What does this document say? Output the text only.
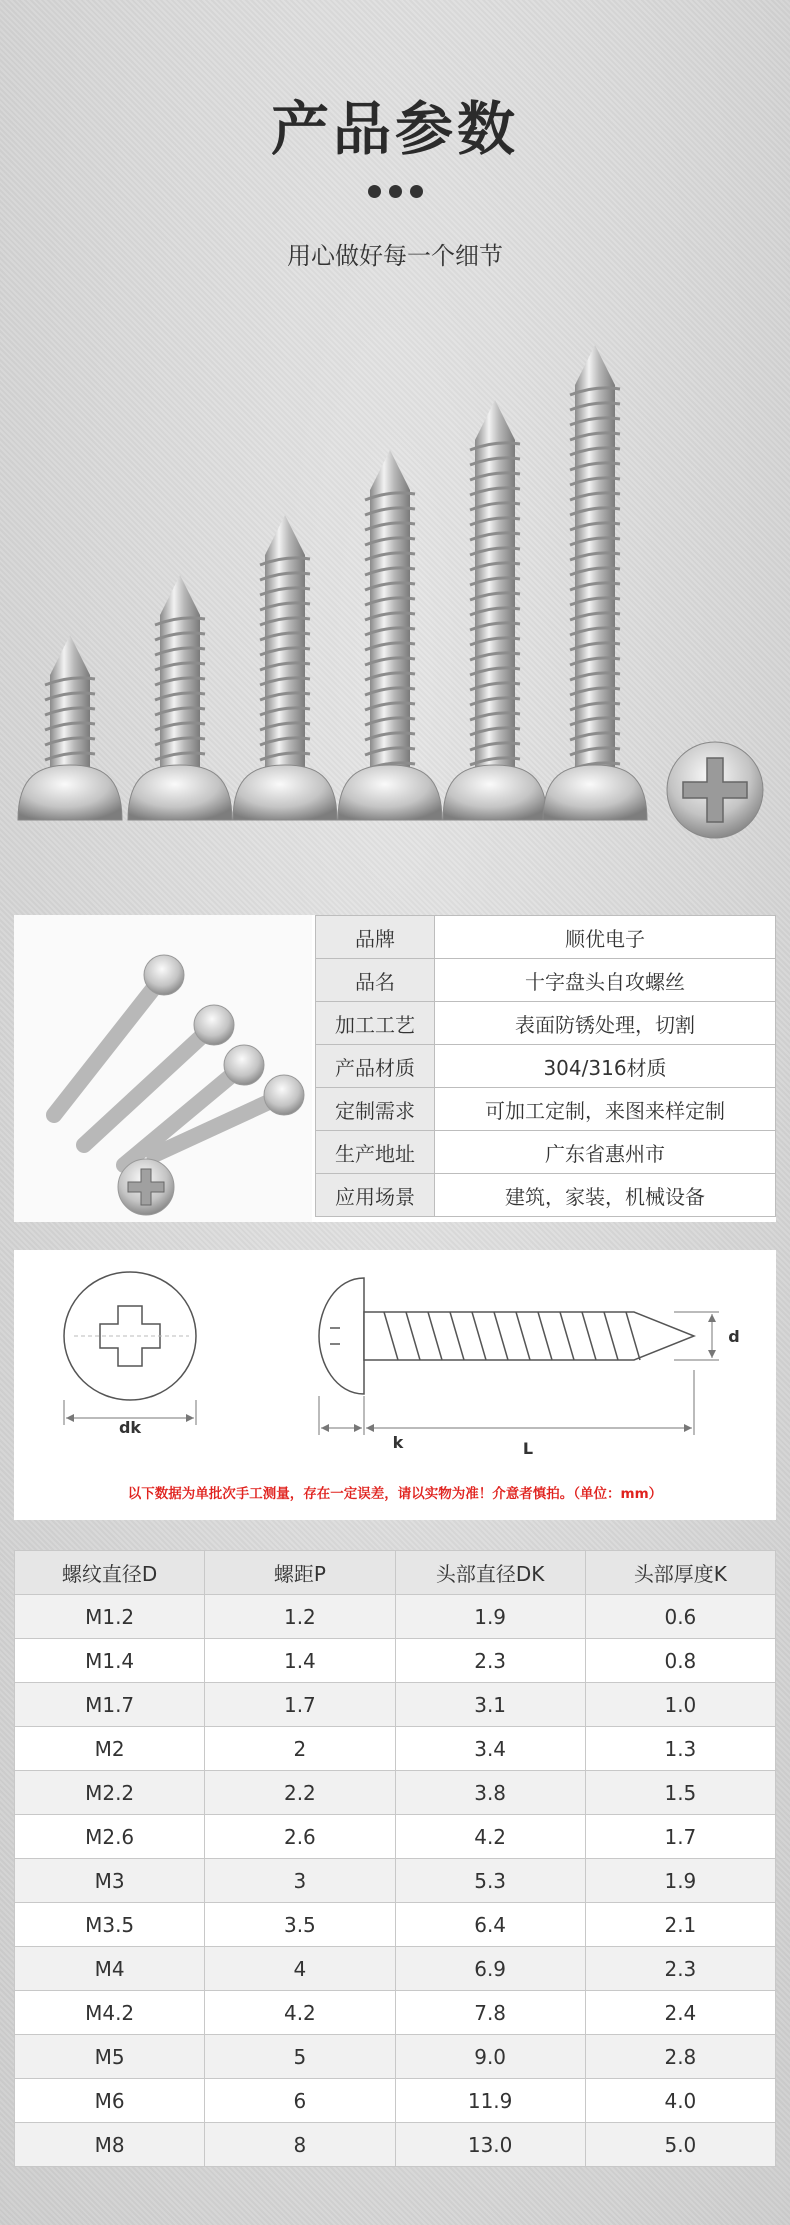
产品参数
用心做好每一个细节
品牌	顺优电子
品名	十字盘头自攻螺丝
加工工艺	表面防锈处理，切割
产品材质	304/316材质
定制需求	可加工定制，来图来样定制
生产地址	广东省惠州市
应用场景	建筑，家装，机械设备
dk
d
k	L
以下数据为单批次手工测量，存在一定误差，请以实物为准！介意者慎拍。（单位：mm）
螺纹直径D	螺距P	头部直径DK	头部厚度K
M1.2	1.2	1.9	0.6
M1.4	1.4	2.3	0.8
M1.7	1.7	3.1	1.0
M2	2	3.4	1.3
M2.2	2.2	3.8	1.5
M2.6	2.6	4.2	1.7
M3	3	5.3	1.9
M3.5	3.5	6.4	2.1
M4	4	6.9	2.3
M4.2	4.2	7.8	2.4
M5	5	9.0	2.8
M6	6	11.9	4.0
M8	8	13.0	5.0
